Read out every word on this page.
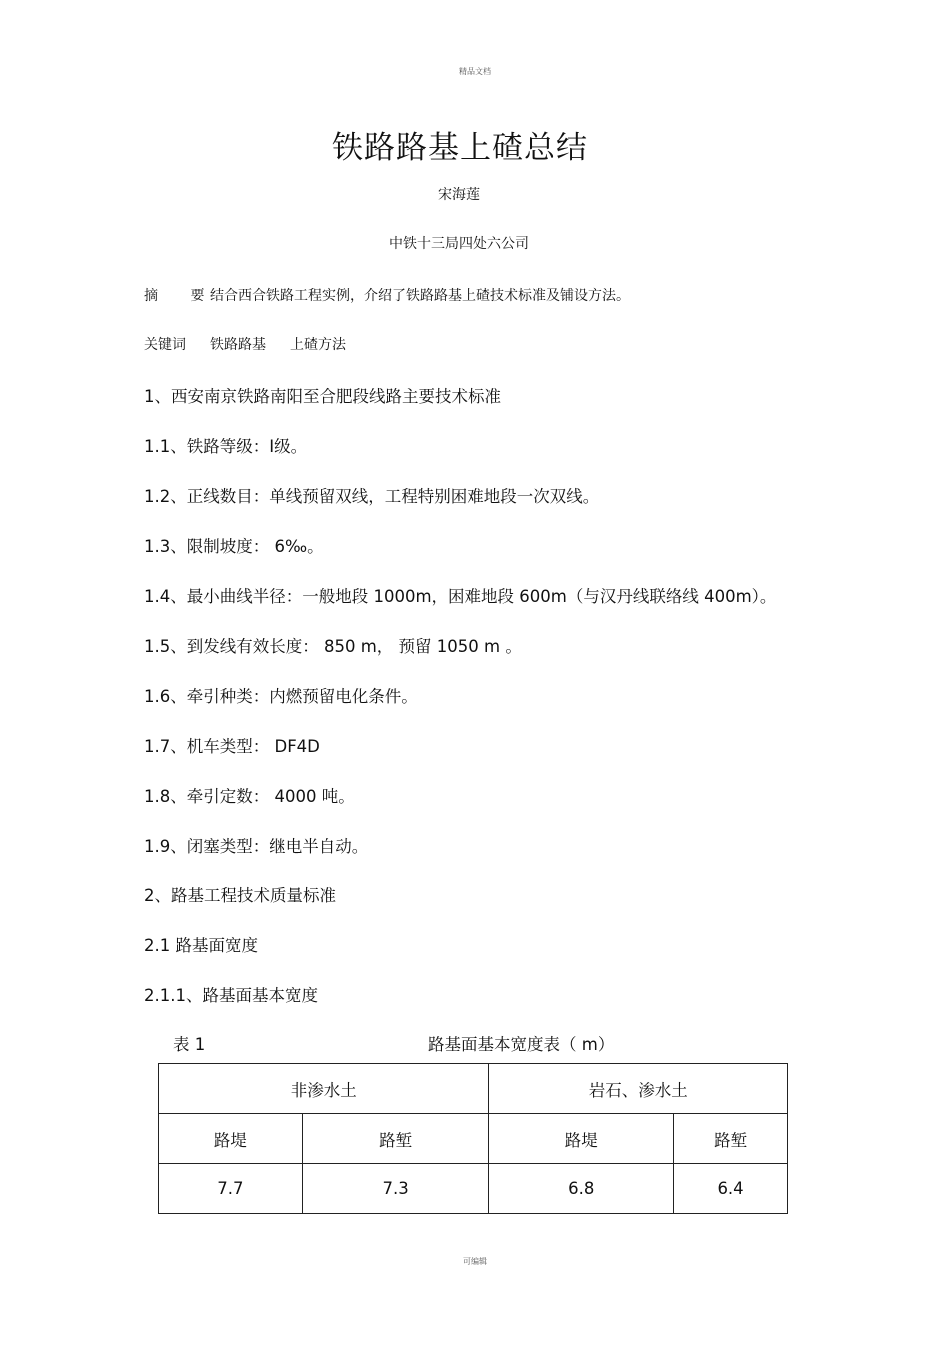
精品文档
铁路路基上碴总结
宋海莲
中铁十三局四处六公司
摘 要结合西合铁路工程实例，介绍了铁路路基上碴技术标准及铺设方法。
关键词 铁路路基 上碴方法
1、西安南京铁路南阳至合肥段线路主要技术标准
1.1、铁路等级：Ⅰ级。
1.2、正线数目：单线预留双线，工程特别困难地段一次双线。
1.3、限制坡度： 6‰。
1.4、最小曲线半径：一般地段 1000m，困难地段 600m（与汉丹线联络线 400m）。
1.5、到发线有效长度： 850 m， 预留 1050 m 。
1.6、牵引种类：内燃预留电化条件。
1.7、机车类型： DF4D
1.8、牵引定数： 4000 吨。
1.9、闭塞类型：继电半自动。
2、路基工程技术质量标准
2.1 路基面宽度
2.1.1、路基面基本宽度
表 1	路基面基本宽度表（ m）
非渗水土		岩石、渗水土	
路堤	路堑	路堤	路堑
7.7	7.3	6.8	6.4
可编辑
